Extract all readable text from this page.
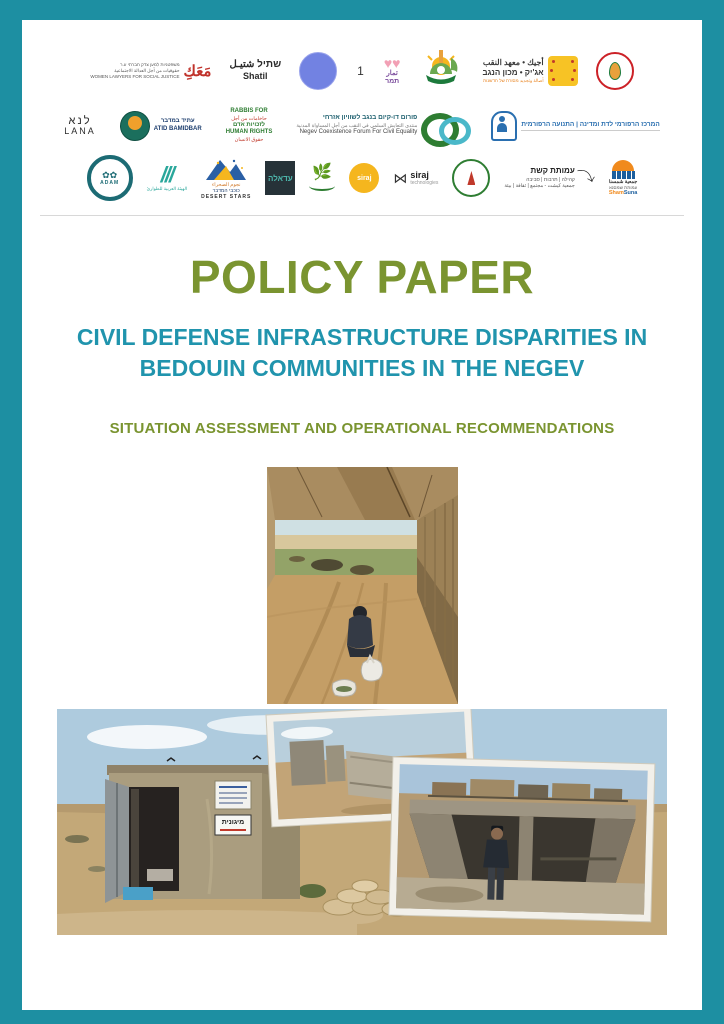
משפטניות למען צדק חברתי ע.ר
حقوقيات من أجل العدالة الاجتماعية
WOMEN LAWYERS FOR SOCIAL JUSTICE مَعَكِ שתיל شتيـل
Shatil	1
♥♥
تمار
תמר
أجيك • معهد النقب
אג'יק • מכון הנגב
أصالة وتجديد מסורת של חדשנות
לנא
LANA
עתיד במדבר
ATID BAMIDBAR
RABBIS FOR
حاخامات من أجل
לזכויות אדם
HUMAN RIGHTS
حقوق الانسان
פורום דו-קיום בנגב לשוויון אזרחי
منتدى التعايش السلمي في النقب من أجل المساواة المدنية
Negev Coexistence Forum For Civil Equality
המרכז הרפורמי לדת ומדינה | התנועה הרפורמית
✿✿
ADAM ///
الهيئة العربية للطوارئ
نجوم الصحراء
כוכבי המדבר
DESERT STARS
עדאלה 🌿	siraj ⋈ siraj
technologies
עמותת קשת
קהילה | תרבות | סביבה
جمعية كيشت - مجتمع | ثقافة | بيئة ⤵ جمعية شمسنا
עמותת שמסנא
ShamSuna
POLICY PAPER
CIVIL DEFENSE INFRASTRUCTURE DISPARITIES IN BEDOUIN COMMUNITIES IN THE NEGEV
SITUATION ASSESSMENT AND OPERATIONAL RECOMMENDATIONS
מיגונית
